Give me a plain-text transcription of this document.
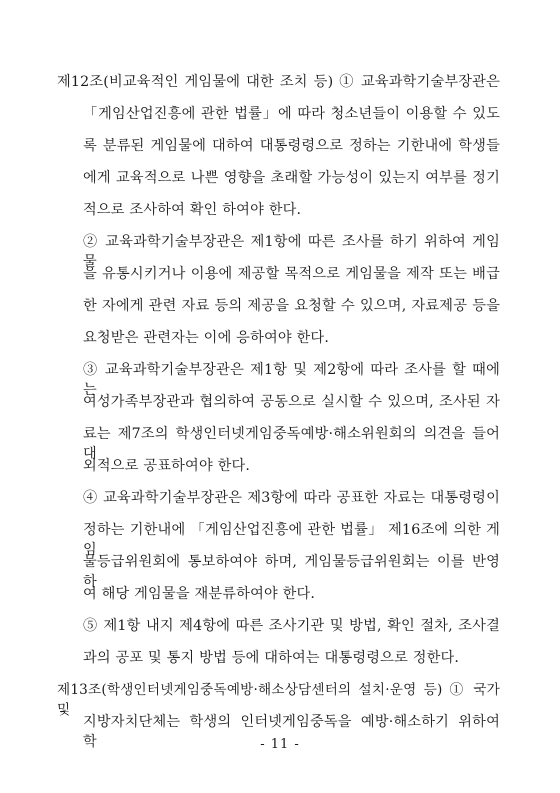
제12조(비교육적인 게임물에 대한 조치 등) ① 교육과학기술부장관은
「게임산업진흥에 관한 법률」에 따라 청소년들이 이용할 수 있도
록 분류된 게임물에 대하여 대통령령으로 정하는 기한내에 학생들
에게 교육적으로 나쁜 영향을 초래할 가능성이 있는지 여부를 정기
적으로 조사하여 확인 하여야 한다.
② 교육과학기술부장관은 제1항에 따른 조사를 하기 위하여 게임물
을 유통시키거나 이용에 제공할 목적으로 게임물을 제작 또는 배급
한 자에게 관련 자료 등의 제공을 요청할 수 있으며, 자료제공 등을
요청받은 관련자는 이에 응하여야 한다.
③ 교육과학기술부장관은 제1항 및 제2항에 따라 조사를 할 때에는
여성가족부장관과 협의하여 공동으로 실시할 수 있으며, 조사된 자
료는 제7조의 학생인터넷게임중독예방·해소위원회의 의견을 들어 대
외적으로 공표하여야 한다.
④ 교육과학기술부장관은 제3항에 따라 공표한 자료는 대통령령이
정하는 기한내에 「게임산업진흥에 관한 법률」 제16조에 의한 게임
물등급위원회에 통보하여야 하며, 게임물등급위원회는 이를 반영하
여 해당 게임물을 재분류하여야 한다.
⑤ 제1항 내지 제4항에 따른 조사기관 및 방법, 확인 절차, 조사결
과의 공포 및 통지 방법 등에 대하여는 대통령령으로 정한다.
제13조(학생인터넷게임중독예방·해소상담센터의 설치·운영 등) ① 국가 및
지방자치단체는 학생의 인터넷게임중독을 예방·해소하기 위하여 학	- 11 -
